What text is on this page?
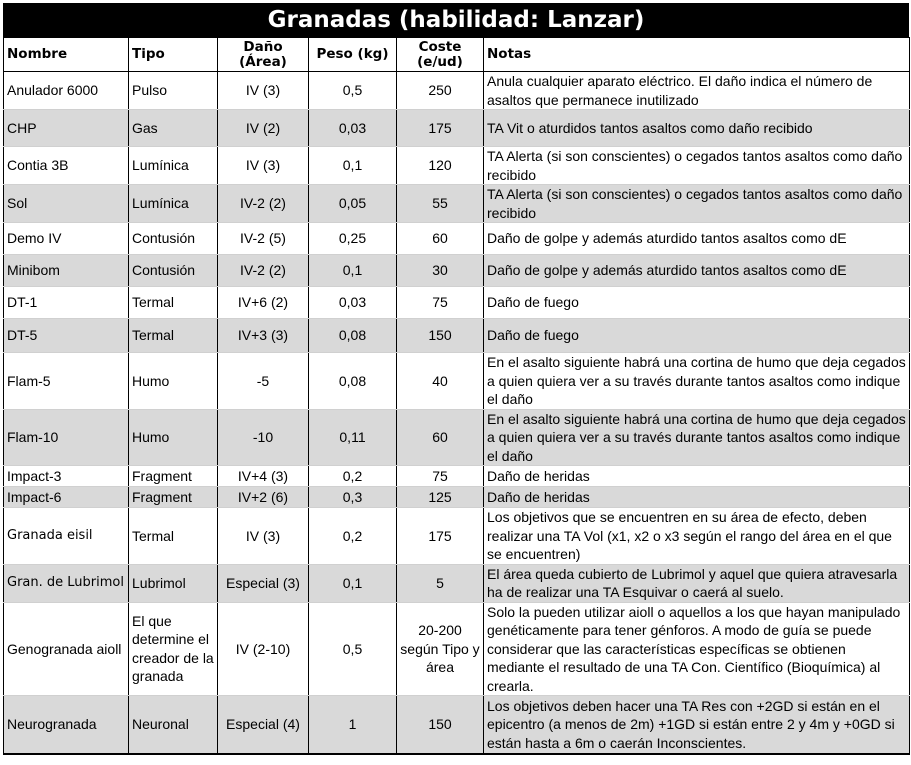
Granadas (habilidad: Lanzar)
Nombre	Tipo	Daño (Área)	Peso (kg)	Coste (e/ud)	Notas
Anulador 6000	Pulso	IV (3)	0,5	250	Anula cualquier aparato eléctrico. El daño indica el número de asaltos que permanece inutilizado
CHP	Gas	IV (2)	0,03	175	TA Vit o aturdidos tantos asaltos como daño recibido
Contia 3B	Lumínica	IV (3)	0,1	120	TA Alerta (si son conscientes) o cegados tantos asaltos como daño recibido
Sol	Lumínica	IV-2 (2)	0,05	55	TA Alerta (si son conscientes) o cegados tantos asaltos como daño recibido
Demo IV	Contusión	IV-2 (5)	0,25	60	Daño de golpe y además aturdido tantos asaltos como dE
Minibom	Contusión	IV-2 (2)	0,1	30	Daño de golpe y además aturdido tantos asaltos como dE
DT-1	Termal	IV+6 (2)	0,03	75	Daño de fuego
DT-5	Termal	IV+3 (3)	0,08	150	Daño de fuego
Flam-5	Humo	-5	0,08	40	En el asalto siguiente habrá una cortina de humo que deja cegados a quien quiera ver a su través durante tantos asaltos como indique el daño
Flam-10	Humo	-10	0,11	60	En el asalto siguiente habrá una cortina de humo que deja cegados a quien quiera ver a su través durante tantos asaltos como indique el daño
Impact-3	Fragment	IV+4 (3)	0,2	75	Daño de heridas
Impact-6	Fragment	IV+2 (6)	0,3	125	Daño de heridas
Granada eisil	Termal	IV (3)	0,2	175	Los objetivos que se encuentren en su área de efecto, deben realizar una TA Vol (x1, x2 o x3 según el rango del área en el que se encuentren)
Gran. de Lubrimol	Lubrimol	Especial (3)	0,1	5	El área queda cubierto de Lubrimol y aquel que quiera atravesarla ha de realizar una TA Esquivar o caerá al suelo.
Genogranada aioll	El que determine el creador de la granada	IV (2-10)	0,5	20-200 según Tipo y área	Solo la pueden utilizar aioll o aquellos a los que hayan manipulado genéticamente para tener génforos. A modo de guía se puede considerar que las características específicas se obtienen mediante el resultado de una TA Con. Científico (Bioquímica) al crearla.
Neurogranada	Neuronal	Especial (4)	1	150	Los objetivos deben hacer una TA Res con +2GD si están en el epicentro (a menos de 2m) +1GD si están entre 2 y 4m y +0GD si están hasta a 6m o caerán Inconscientes.
